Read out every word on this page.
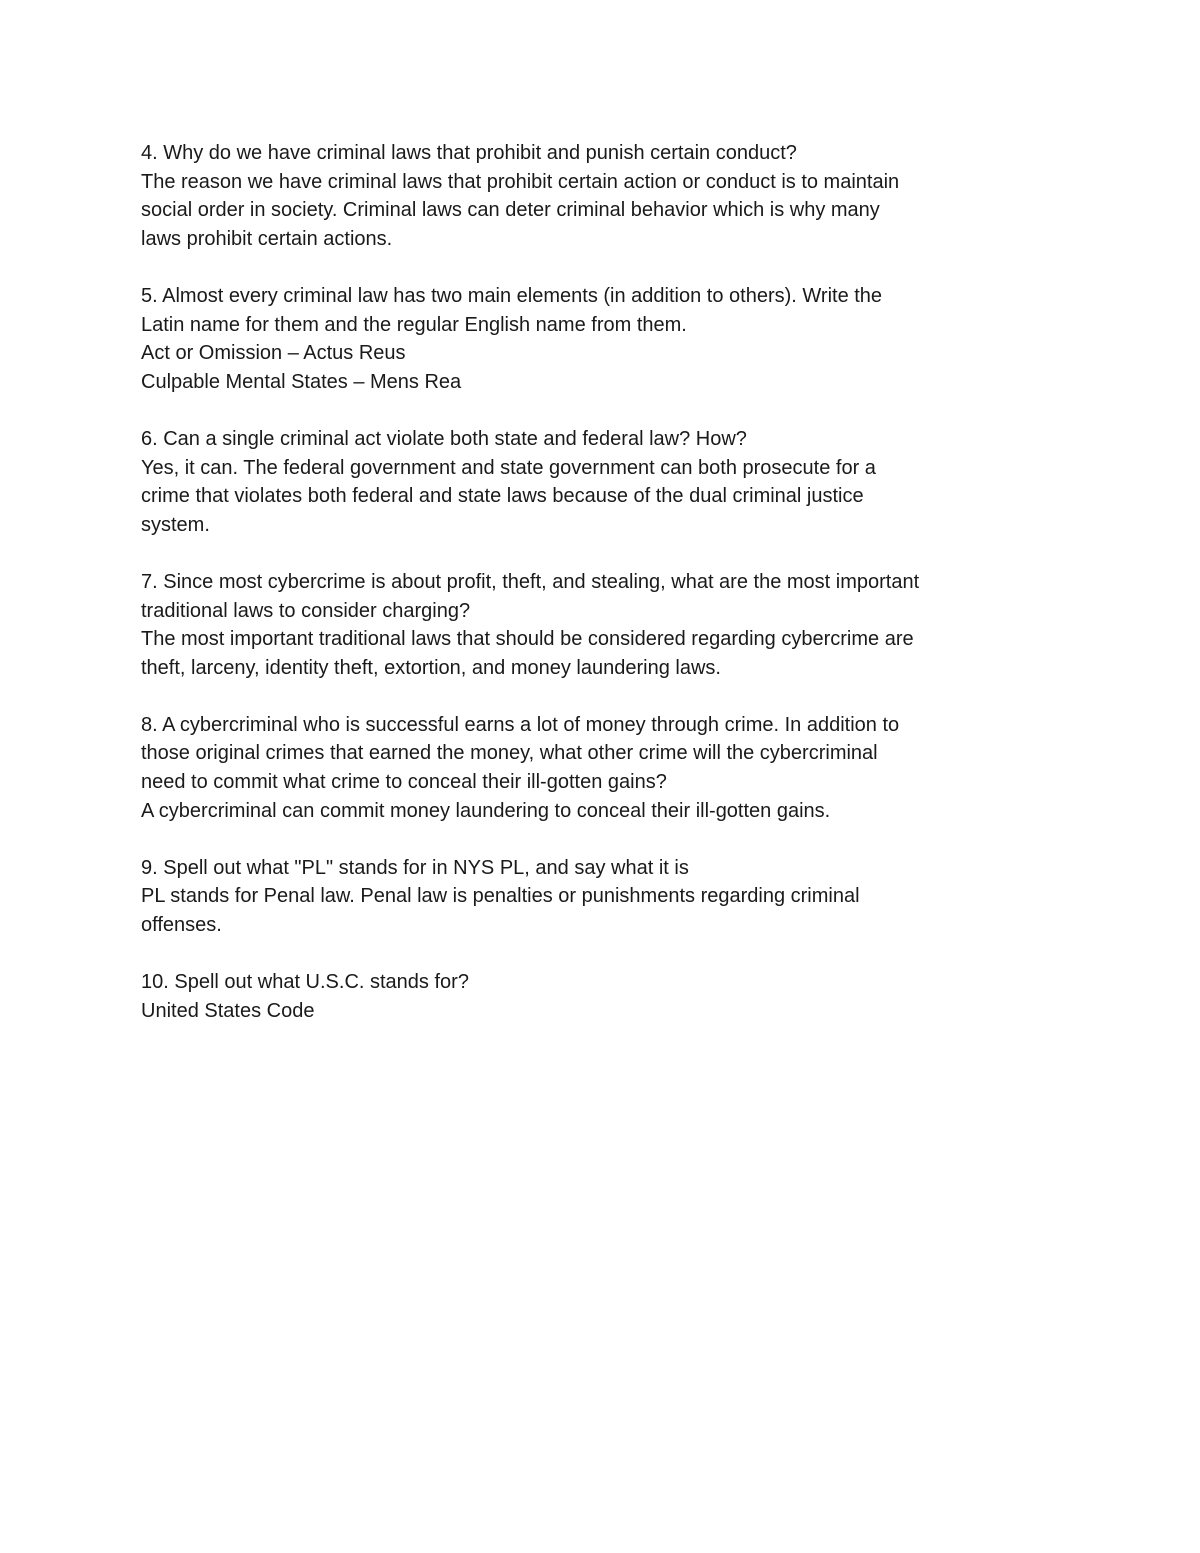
4. Why do we have criminal laws that prohibit and punish certain conduct?
The reason we have criminal laws that prohibit certain action or conduct is to maintain
social order in society. Criminal laws can deter criminal behavior which is why many
laws prohibit certain actions.
5. Almost every criminal law has two main elements (in addition to others). Write the
Latin name for them and the regular English name from them.
Act or Omission – Actus Reus
Culpable Mental States – Mens Rea
6. Can a single criminal act violate both state and federal law? How?
Yes, it can. The federal government and state government can both prosecute for a
crime that violates both federal and state laws because of the dual criminal justice
system.
7. Since most cybercrime is about profit, theft, and stealing, what are the most important
traditional laws to consider charging?
The most important traditional laws that should be considered regarding cybercrime are
theft, larceny, identity theft, extortion, and money laundering laws.
8. A cybercriminal who is successful earns a lot of money through crime. In addition to
those original crimes that earned the money, what other crime will the cybercriminal
need to commit what crime to conceal their ill-gotten gains?
A cybercriminal can commit money laundering to conceal their ill-gotten gains.
9. Spell out what "PL" stands for in NYS PL, and say what it is
PL stands for Penal law. Penal law is penalties or punishments regarding criminal
offenses.
10. Spell out what U.S.C. stands for?
United States Code
